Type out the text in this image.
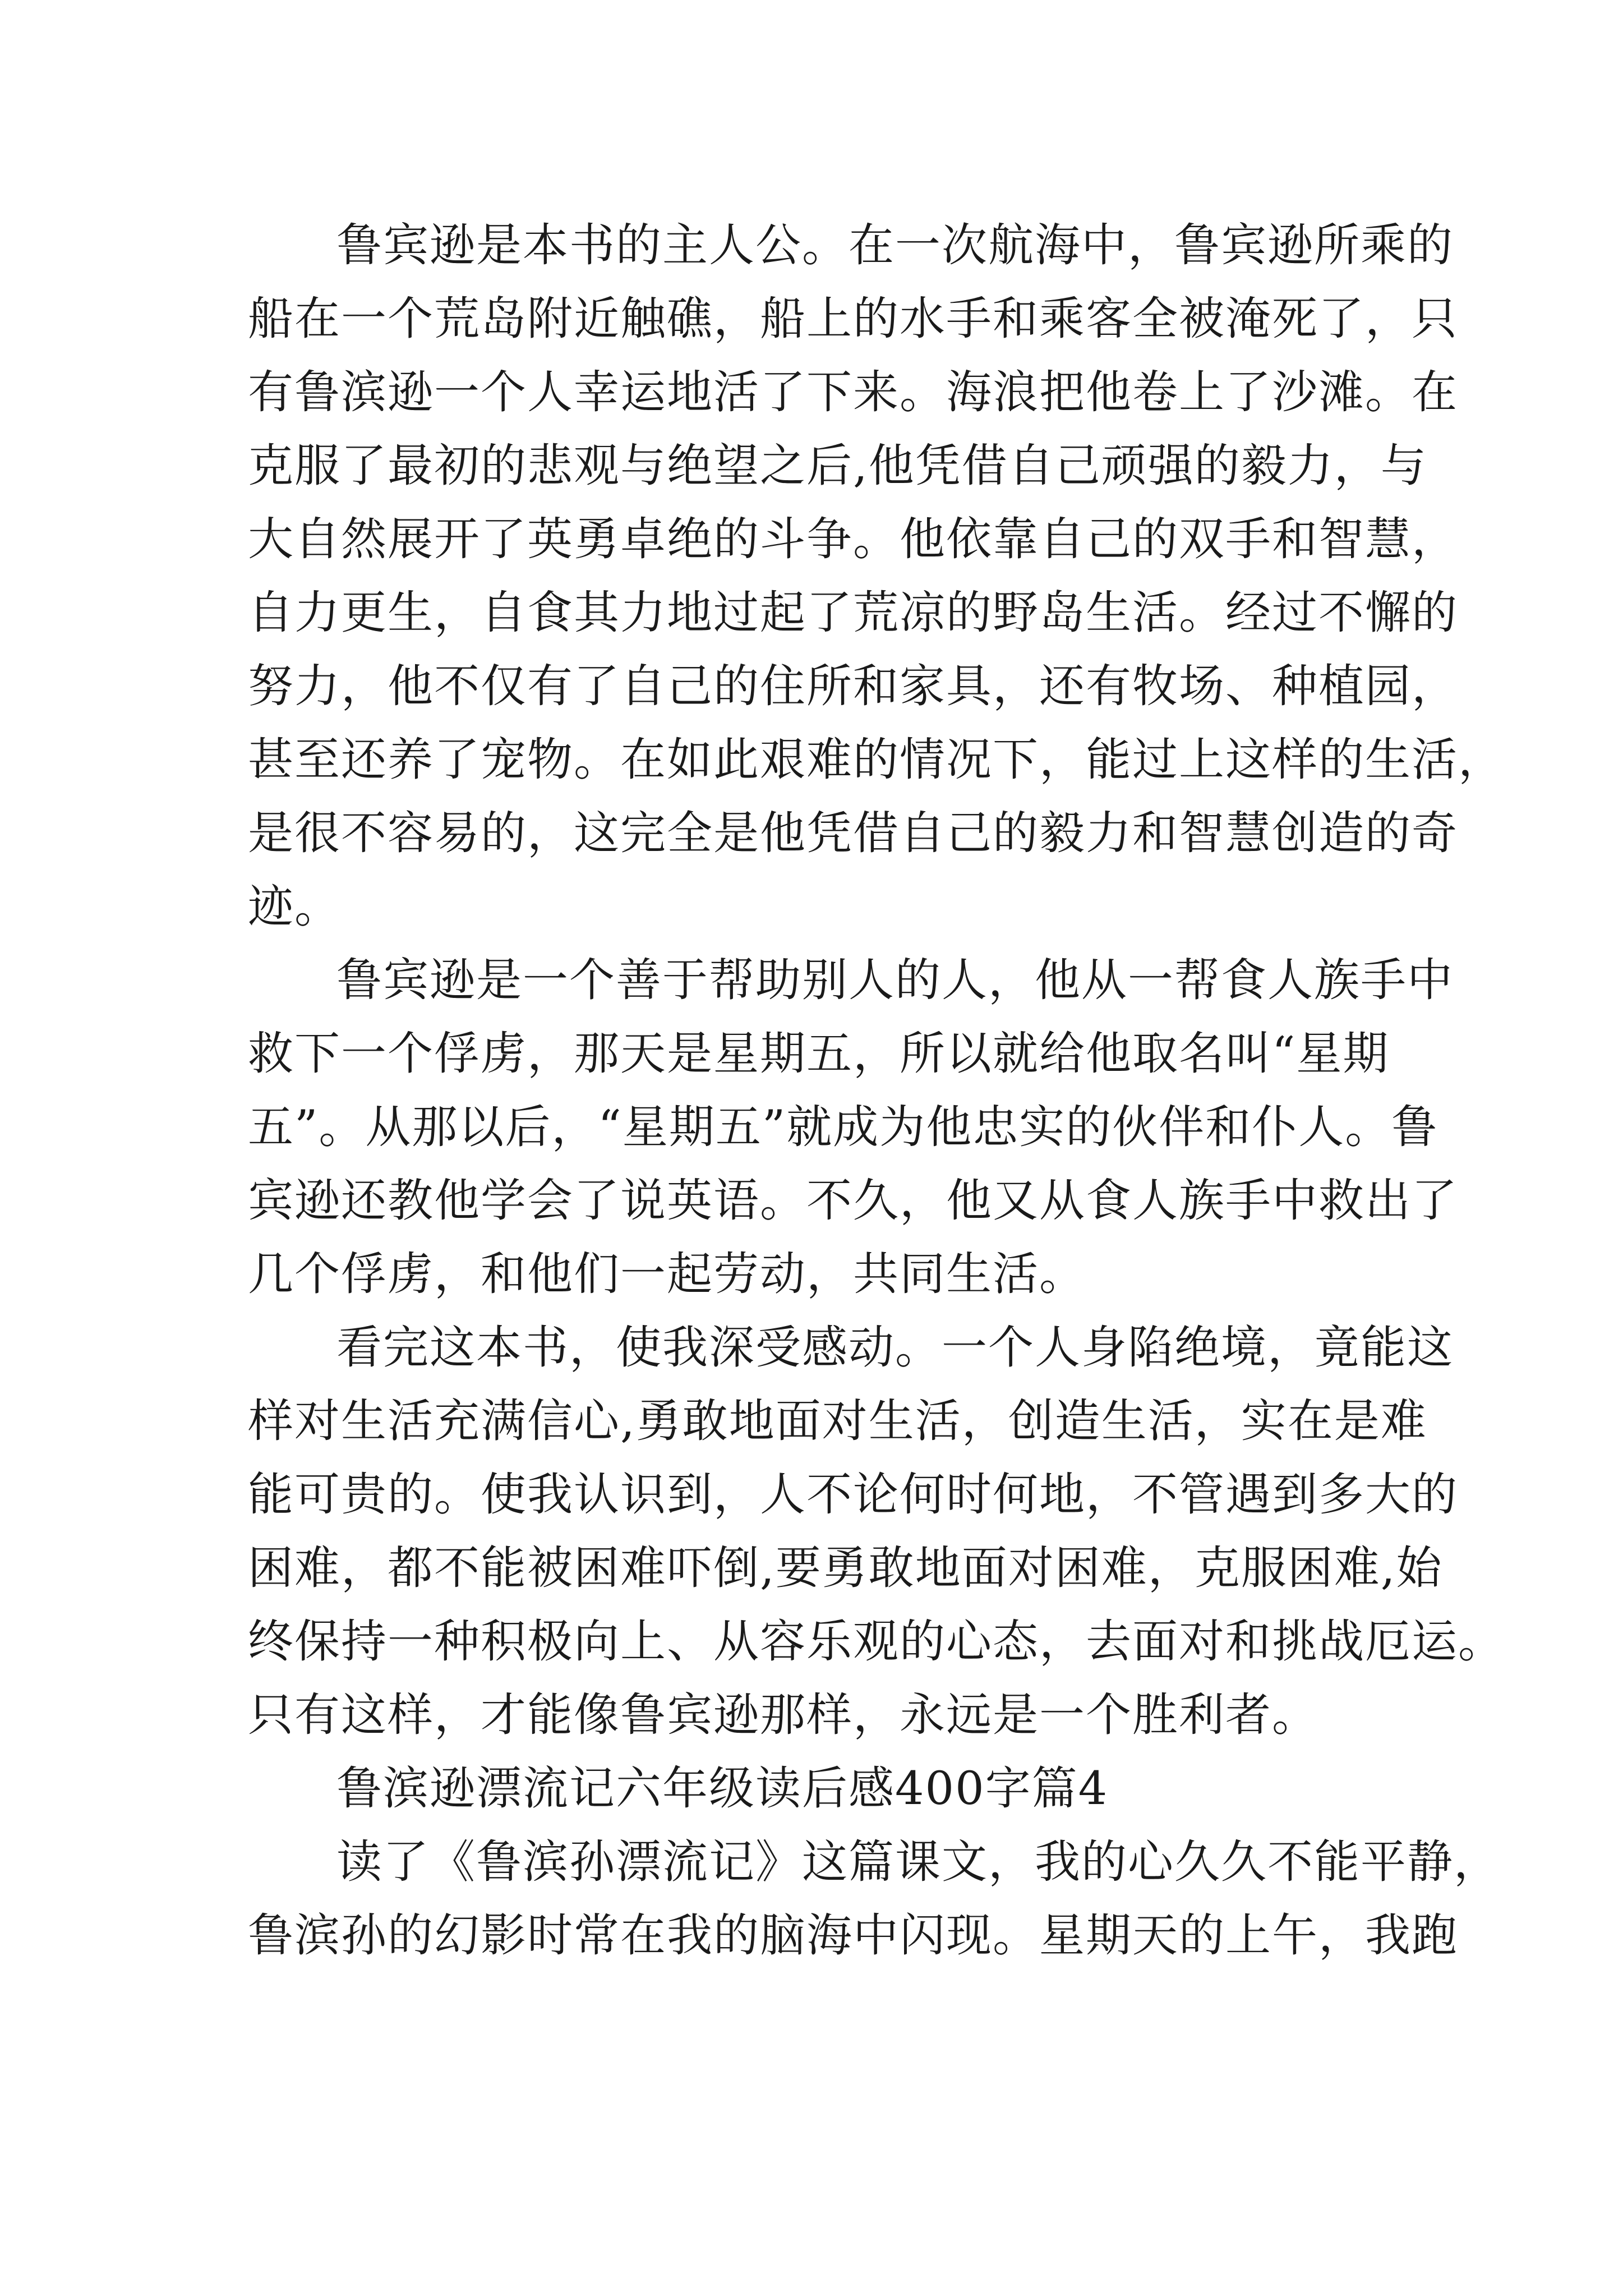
鲁宾逊是本书的主人公。在一次航海中，鲁宾逊所乘的
船在一个荒岛附近触礁，船上的水手和乘客全被淹死了，只
有鲁滨逊一个人幸运地活了下来。海浪把他卷上了沙滩。在
克服了最初的悲观与绝望之后,他凭借自己顽强的毅力，与
大自然展开了英勇卓绝的斗争。他依靠自己的双手和智慧，
自力更生，自食其力地过起了荒凉的野岛生活。经过不懈的
努力，他不仅有了自己的住所和家具，还有牧场、种植园，
甚至还养了宠物。在如此艰难的情况下，能过上这样的生活，
是很不容易的，这完全是他凭借自己的毅力和智慧创造的奇
迹。
鲁宾逊是一个善于帮助别人的人，他从一帮食人族手中
救下一个俘虏，那天是星期五，所以就给他取名叫“星期
五”。从那以后，“星期五”就成为他忠实的伙伴和仆人。鲁
宾逊还教他学会了说英语。不久，他又从食人族手中救出了
几个俘虏，和他们一起劳动，共同生活。
看完这本书，使我深受感动。一个人身陷绝境，竟能这
样对生活充满信心,勇敢地面对生活，创造生活，实在是难
能可贵的。使我认识到，人不论何时何地，不管遇到多大的
困难，都不能被困难吓倒,要勇敢地面对困难，克服困难,始
终保持一种积极向上、从容乐观的心态，去面对和挑战厄运。
只有这样，才能像鲁宾逊那样，永远是一个胜利者。
鲁滨逊漂流记六年级读后感400字篇4
读了《鲁滨孙漂流记》这篇课文，我的心久久不能平静，
鲁滨孙的幻影时常在我的脑海中闪现。星期天的上午，我跑
